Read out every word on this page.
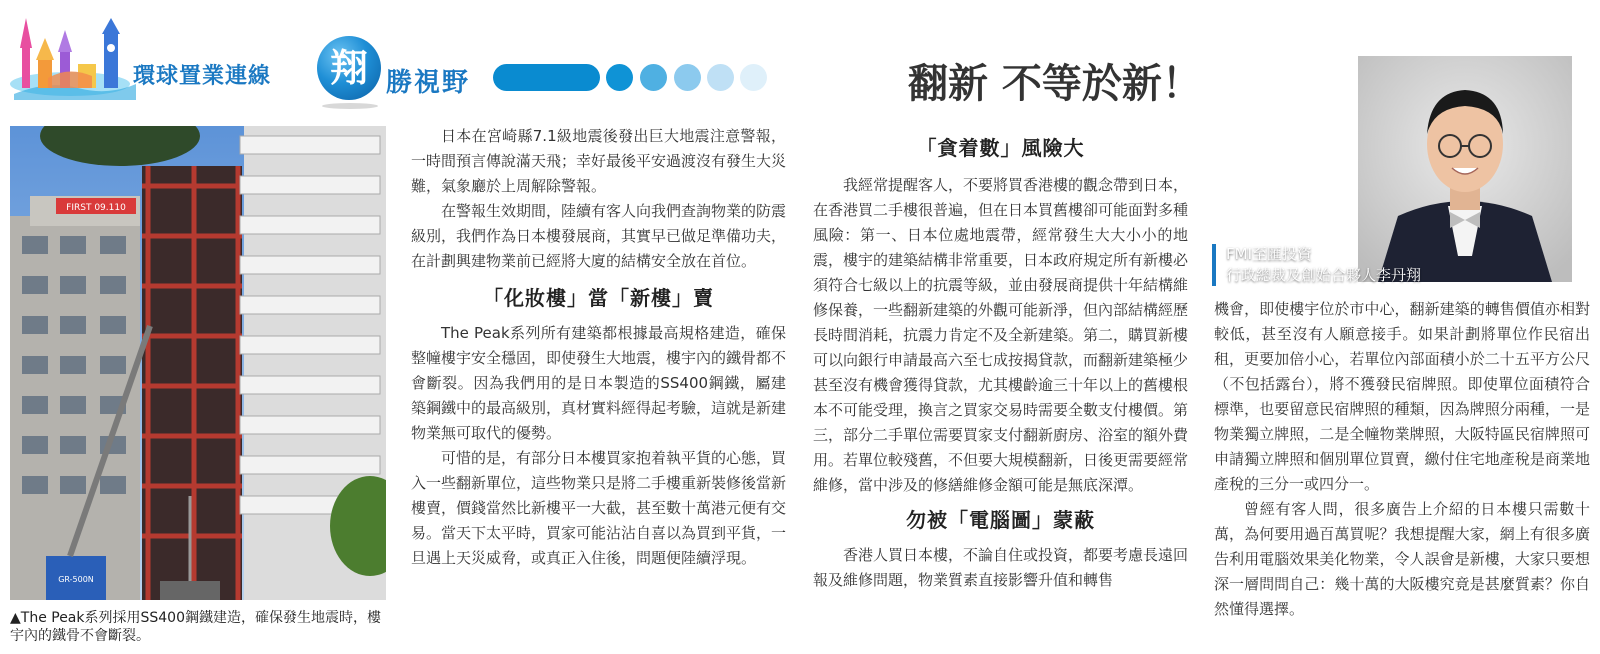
環球置業連線	翔 勝視野	翻新 不等於新！
FIRST 09.110
GR-500N
▲The Peak系列採用SS400鋼鐵建造，確保發生地震時，樓宇內的鐵骨不會斷裂。

日本在宮崎縣7.1級地震後發出巨大地震注意警報，一時間預言傳說滿天飛；幸好最後平安過渡沒有發生大災難，氣象廳於上周解除警報。

在警報生效期間，陸續有客人向我們查詢物業的防震級別，我們作為日本樓發展商，其實早已做足準備功夫，在計劃興建物業前已經將大廈的結構安全放在首位。

「化妝樓」當「新樓」賣

The Peak系列所有建築都根據最高規格建造，確保整幢樓宇安全穩固，即使發生大地震，樓宇內的鐵骨都不會斷裂。因為我們用的是日本製造的SS400鋼鐵，屬建築鋼鐵中的最高級別，真材實料經得起考驗，這就是新建物業無可取代的優勢。

可惜的是，有部分日本樓買家抱着執平貨的心態，買入一些翻新單位，這些物業只是將二手樓重新裝修後當新樓賣，價錢當然比新樓平一大截，甚至數十萬港元便有交易。當天下太平時，買家可能沾沾自喜以為買到平貨，一旦遇上天災威脅，或真正入住後，問題便陸續浮現。

「貪着數」風險大

我經常提醒客人，不要將買香港樓的觀念帶到日本，在香港買二手樓很普遍，但在日本買舊樓卻可能面對多種風險：第一、日本位處地震帶，經常發生大大小小的地震，樓宇的建築結構非常重要，日本政府規定所有新樓必須符合七級以上的抗震等級，並由發展商提供十年結構維修保養，一些翻新建築的外觀可能新淨，但內部結構經歷長時間消耗，抗震力肯定不及全新建築。第二，購買新樓可以向銀行申請最高六至七成按揭貸款，而翻新建築極少甚至沒有機會獲得貸款，尤其樓齡逾三十年以上的舊樓根本不可能受理，換言之買家交易時需要全數支付樓價。第三，部分二手單位需要買家支付翻新廚房、浴室的額外費用。若單位較殘舊，不但要大規模翻新，日後更需要經常維修，當中涉及的修繕維修金額可能是無底深潭。

勿被「電腦圖」蒙蔽

香港人買日本樓，不論自住或投資，都要考慮長遠回報及維修問題，物業質素直接影響升值和轉售

FMI至匯投資
行政總裁及創始合夥人李丹翔

機會，即使樓宇位於市中心，翻新建築的轉售價值亦相對較低，甚至沒有人願意接手。如果計劃將單位作民宿出租，更要加倍小心，若單位內部面積小於二十五平方公尺（不包括露台），將不獲發民宿牌照。即使單位面積符合標準，也要留意民宿牌照的種類，因為牌照分兩種，一是物業獨立牌照，二是全幢物業牌照，大阪特區民宿牌照可申請獨立牌照和個別單位買賣，繳付住宅地產稅是商業地產稅的三分一或四分一。

曾經有客人問，很多廣告上介紹的日本樓只需數十萬，為何要用過百萬買呢？我想提醒大家，網上有很多廣告利用電腦效果美化物業，令人誤會是新樓，大家只要想深一層問問自己：幾十萬的大阪樓究竟是甚麼質素？你自然懂得選擇。
